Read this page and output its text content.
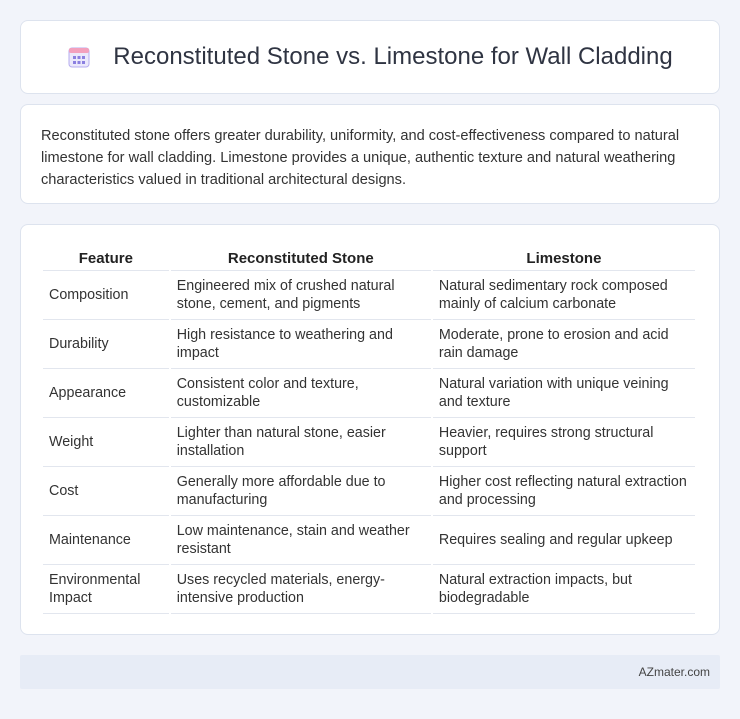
Reconstituted Stone vs. Limestone for Wall Cladding

Reconstituted stone offers greater durability, uniformity, and cost-effectiveness compared to natural limestone for wall cladding. Limestone provides a unique, authentic texture and natural weathering characteristics valued in traditional architectural designs.

Feature	Reconstituted Stone	Limestone
Composition	Engineered mix of crushed natural stone, cement, and pigments	Natural sedimentary rock composed mainly of calcium carbonate
Durability	High resistance to weathering and impact	Moderate, prone to erosion and acid rain damage
Appearance	Consistent color and texture, customizable	Natural variation with unique veining and texture
Weight	Lighter than natural stone, easier installation	Heavier, requires strong structural support
Cost	Generally more affordable due to manufacturing	Higher cost reflecting natural extraction and processing
Maintenance	Low maintenance, stain and weather resistant	Requires sealing and regular upkeep
Environmental Impact	Uses recycled materials, energy-intensive production	Natural extraction impacts, but biodegradable
AZmater.com
